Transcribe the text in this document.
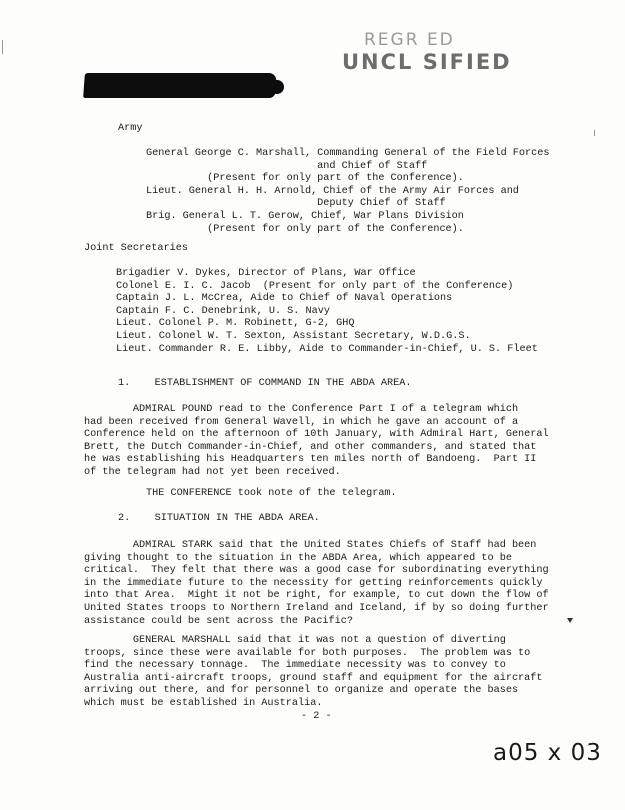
REGR ED
UNCL SIFIED
Army
General George C. Marshall, Commanding General of the Field Forces
and Chief of Staff
(Present for only part of the Conference).
Lieut. General H. H. Arnold, Chief of the Army Air Forces and
Deputy Chief of Staff
Brig. General L. T. Gerow, Chief, War Plans Division
(Present for only part of the Conference).
Joint Secretaries
Brigadier V. Dykes, Director of Plans, War Office
Colonel E. I. C. Jacob  (Present for only part of the Conference)
Captain J. L. McCrea, Aide to Chief of Naval Operations
Captain F. C. Denebrink, U. S. Navy
Lieut. Colonel P. M. Robinett, G-2, GHQ
Lieut. Colonel W. T. Sexton, Assistant Secretary, W.D.G.S.
Lieut. Commander R. E. Libby, Aide to Commander-in-Chief, U. S. Fleet
1.    ESTABLISHMENT OF COMMAND IN THE ABDA AREA.
ADMIRAL POUND read to the Conference Part I of a telegram which
had been received from General Wavell, in which he gave an account of a
Conference held on the afternoon of 10th January, with Admiral Hart, General
Brett, the Dutch Commander-in-Chief, and other commanders, and stated that
he was establishing his Headquarters ten miles north of Bandoeng.  Part II
of the telegram had not yet been received.
THE CONFERENCE took note of the telegram.
2.    SITUATION IN THE ABDA AREA.
ADMIRAL STARK said that the United States Chiefs of Staff had been
giving thought to the situation in the ABDA Area, which appeared to be
critical.  They felt that there was a good case for subordinating everything
in the immediate future to the necessity for getting reinforcements quickly
into that Area.  Might it not be right, for example, to cut down the flow of
United States troops to Northern Ireland and Iceland, if by so doing further
assistance could be sent across the Pacific?
GENERAL MARSHALL said that it was not a question of diverting
troops, since these were available for both purposes.  The problem was to
find the necessary tonnage.  The immediate necessity was to convey to
Australia anti-aircraft troops, ground staff and equipment for the aircraft
arriving out there, and for personnel to organize and operate the bases
which must be established in Australia.
- 2 -
a05 x 03
